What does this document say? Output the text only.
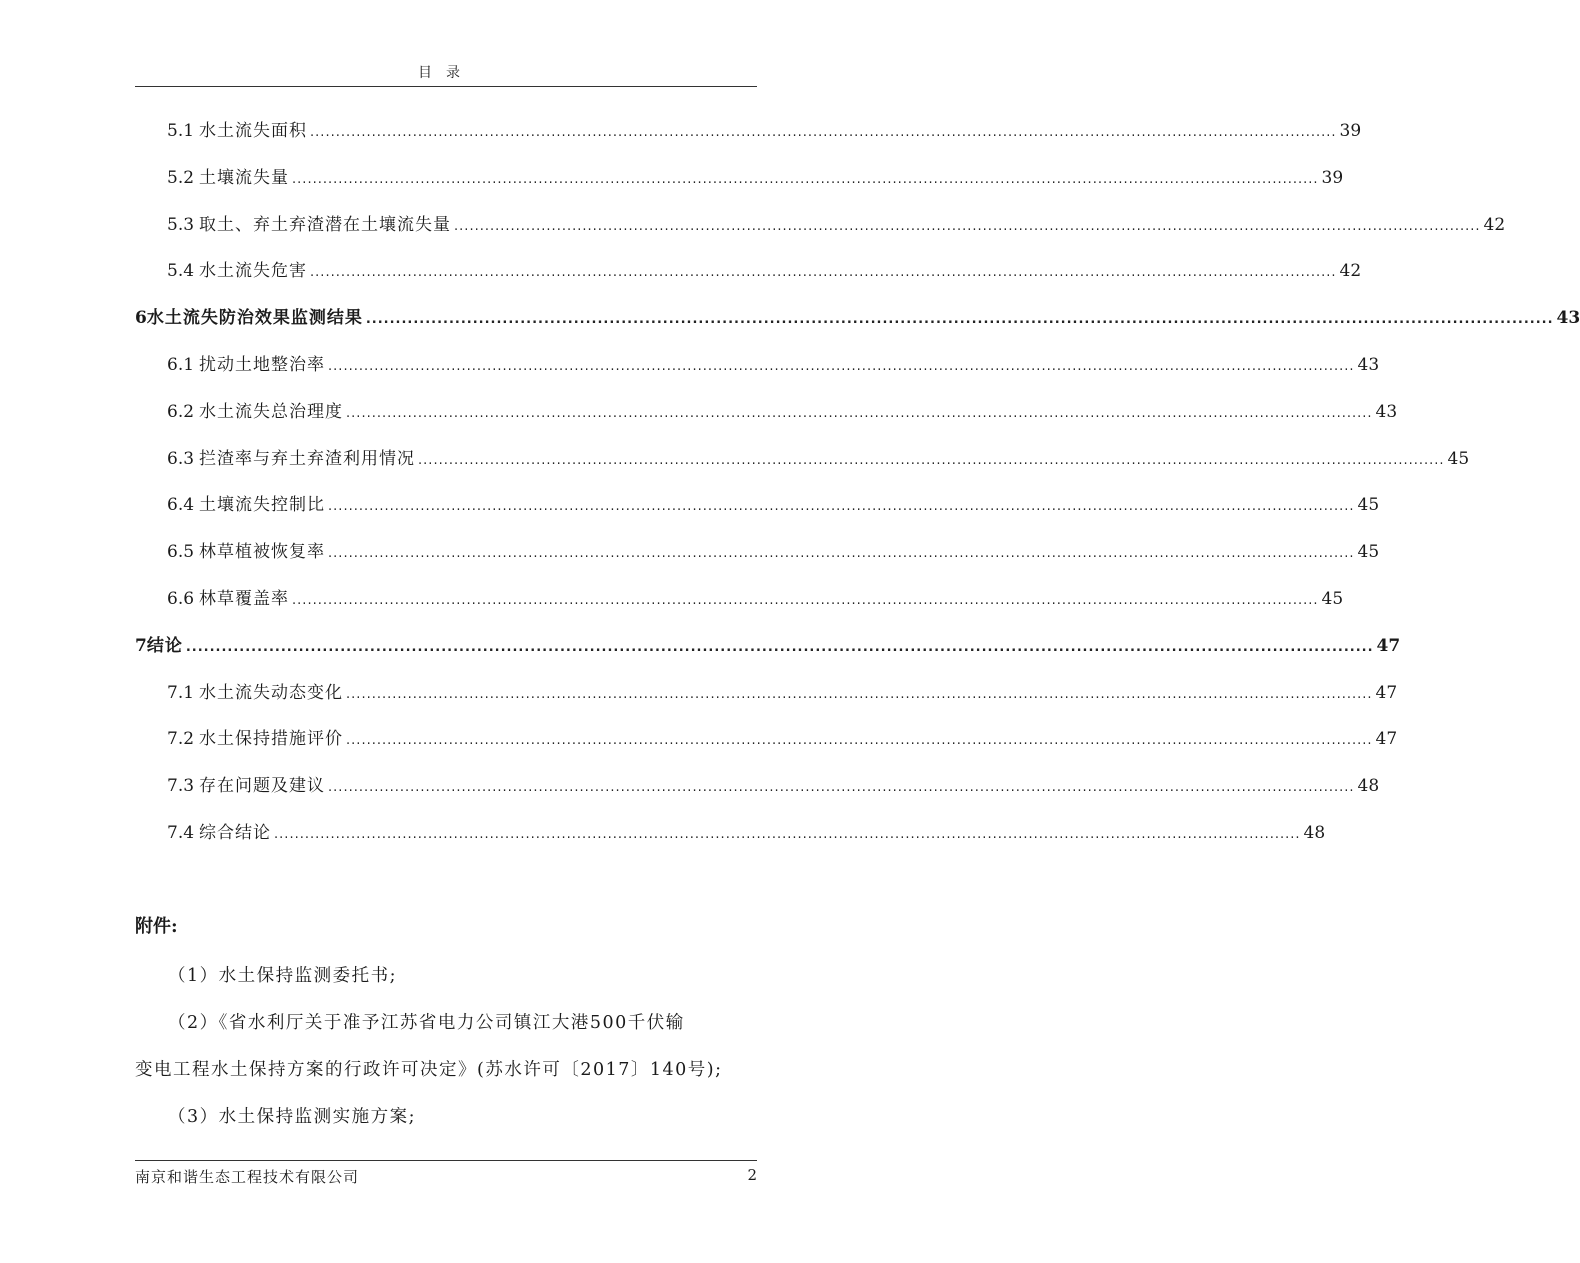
目录
5.1 水土流失面积 ........................................................................................................................................................................................................ 39
5.2 土壤流失量 ........................................................................................................................................................................................................ 39
5.3 取土、弃土弃渣潜在土壤流失量 ........................................................................................................................................................................................................ 42
5.4 水土流失危害 ........................................................................................................................................................................................................ 42
6 水土流失防治效果监测结果 ........................................................................................................................................................................................................ 43
6.1 扰动土地整治率 ........................................................................................................................................................................................................ 43
6.2 水土流失总治理度 ........................................................................................................................................................................................................ 43
6.3 拦渣率与弃土弃渣利用情况 ........................................................................................................................................................................................................ 45
6.4 土壤流失控制比 ........................................................................................................................................................................................................ 45
6.5 林草植被恢复率 ........................................................................................................................................................................................................ 45
6.6 林草覆盖率 ........................................................................................................................................................................................................ 45
7 结论 ........................................................................................................................................................................................................ 47
7.1 水土流失动态变化 ........................................................................................................................................................................................................ 47
7.2 水土保持措施评价 ........................................................................................................................................................................................................ 47
7.3 存在问题及建议 ........................................................................................................................................................................................................ 48
7.4 综合结论 ........................................................................................................................................................................................................ 48
附件:
（1）水土保持监测委托书;
（2）《省水利厅关于准予江苏省电力公司镇江大港500千伏输
变电工程水土保持方案的行政许可决定》(苏水许可〔2017〕140号);
（3）水土保持监测实施方案;
南京和谐生态工程技术有限公司	2
